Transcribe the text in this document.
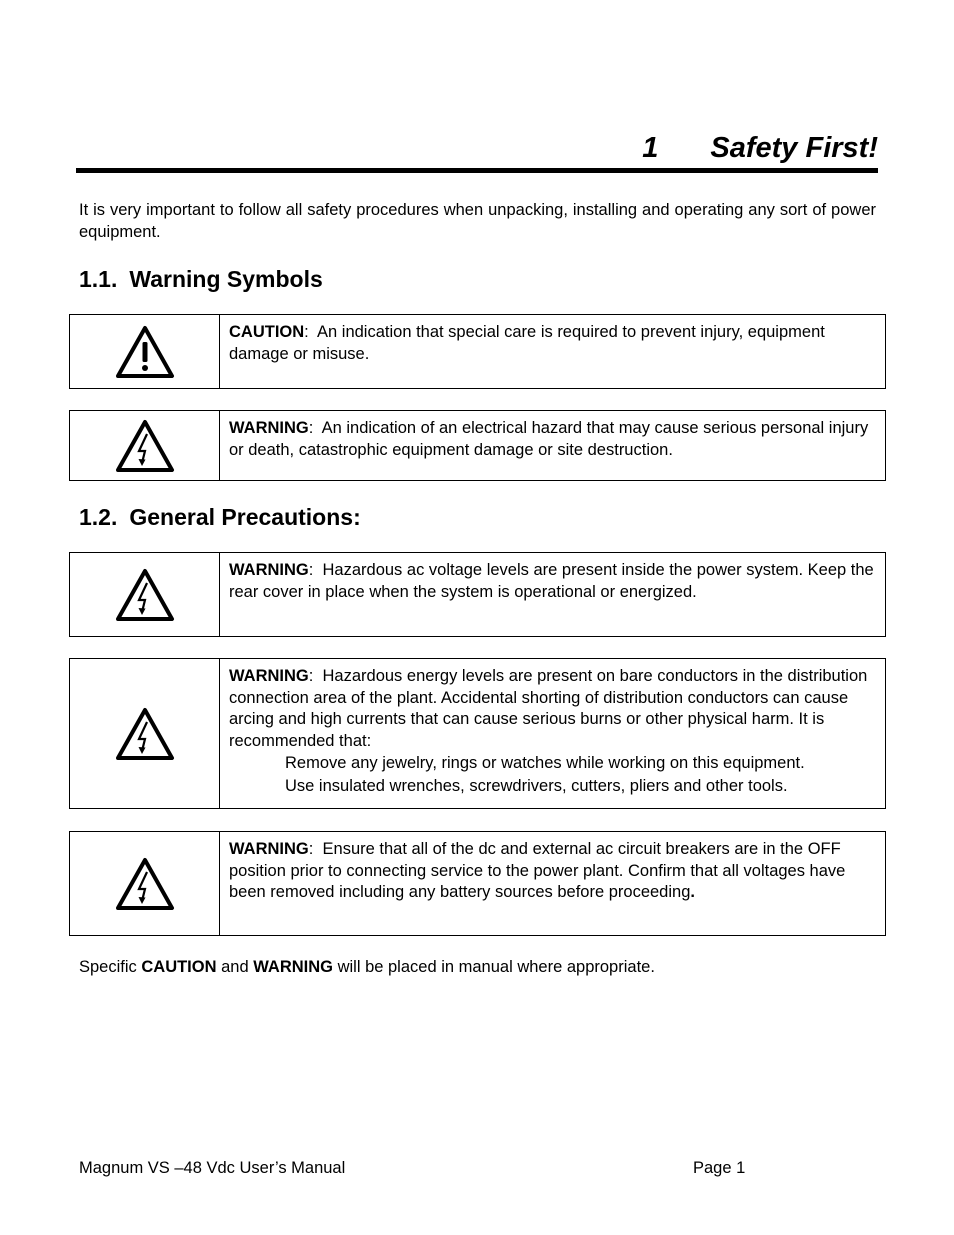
1 Safety First!
It is very important to follow all safety procedures when unpacking, installing and operating any sort of power equipment.
1.1. Warning Symbols
CAUTION:  An indication that special care is required to prevent injury, equipment damage or misuse.
WARNING:  An indication of an electrical hazard that may cause serious personal injury or death, catastrophic equipment damage or site destruction.
1.2. General Precautions:
WARNING:  Hazardous ac voltage levels are present inside the power system. Keep the rear cover in place when the system is operational or energized.
WARNING:  Hazardous energy levels are present on bare conductors in the distribution connection area of the plant. Accidental shorting of distribution conductors can cause arcing and high currents that can cause serious burns or other physical harm. It is recommended that:
Remove any jewelry, rings or watches while working on this equipment.
Use insulated wrenches, screwdrivers, cutters, pliers and other tools.
WARNING:  Ensure that all of the dc and external ac circuit breakers are in the OFF position prior to connecting service to the power plant. Confirm that all voltages have been removed including any battery sources before proceeding.
Specific CAUTION and WARNING will be placed in manual where appropriate.
Magnum VS –48 Vdc User’s Manual	Page 1
